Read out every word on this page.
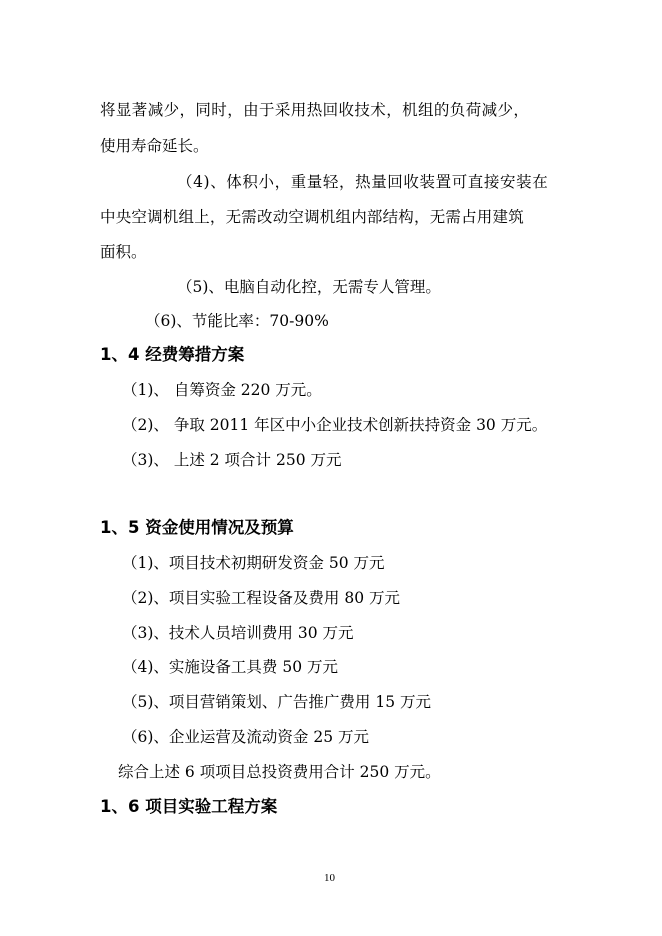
将显著减少，同时，由于采用热回收技术，机组的负荷减少，
使用寿命延长。
（4)、体积小，重量轻，热量回收装置可直接安装在
中央空调机组上，无需改动空调机组内部结构，无需占用建筑
面积。
（5)、电脑自动化控，无需专人管理。
（6)、节能比率：70-90%
1、4 经费筹措方案
（1)、 自筹资金 220 万元。
（2)、 争取 2011 年区中小企业技术创新扶持资金 30 万元。
（3)、 上述 2 项合计 250 万元
1、5 资金使用情况及预算
（1)、项目技术初期研发资金 50 万元
（2)、项目实验工程设备及费用 80 万元
（3)、技术人员培训费用 30 万元
（4)、实施设备工具费 50 万元
（5)、项目营销策划、广告推广费用 15 万元
（6)、企业运营及流动资金 25 万元
综合上述 6 项项目总投资费用合计 250 万元。
1、6 项目实验工程方案
10
